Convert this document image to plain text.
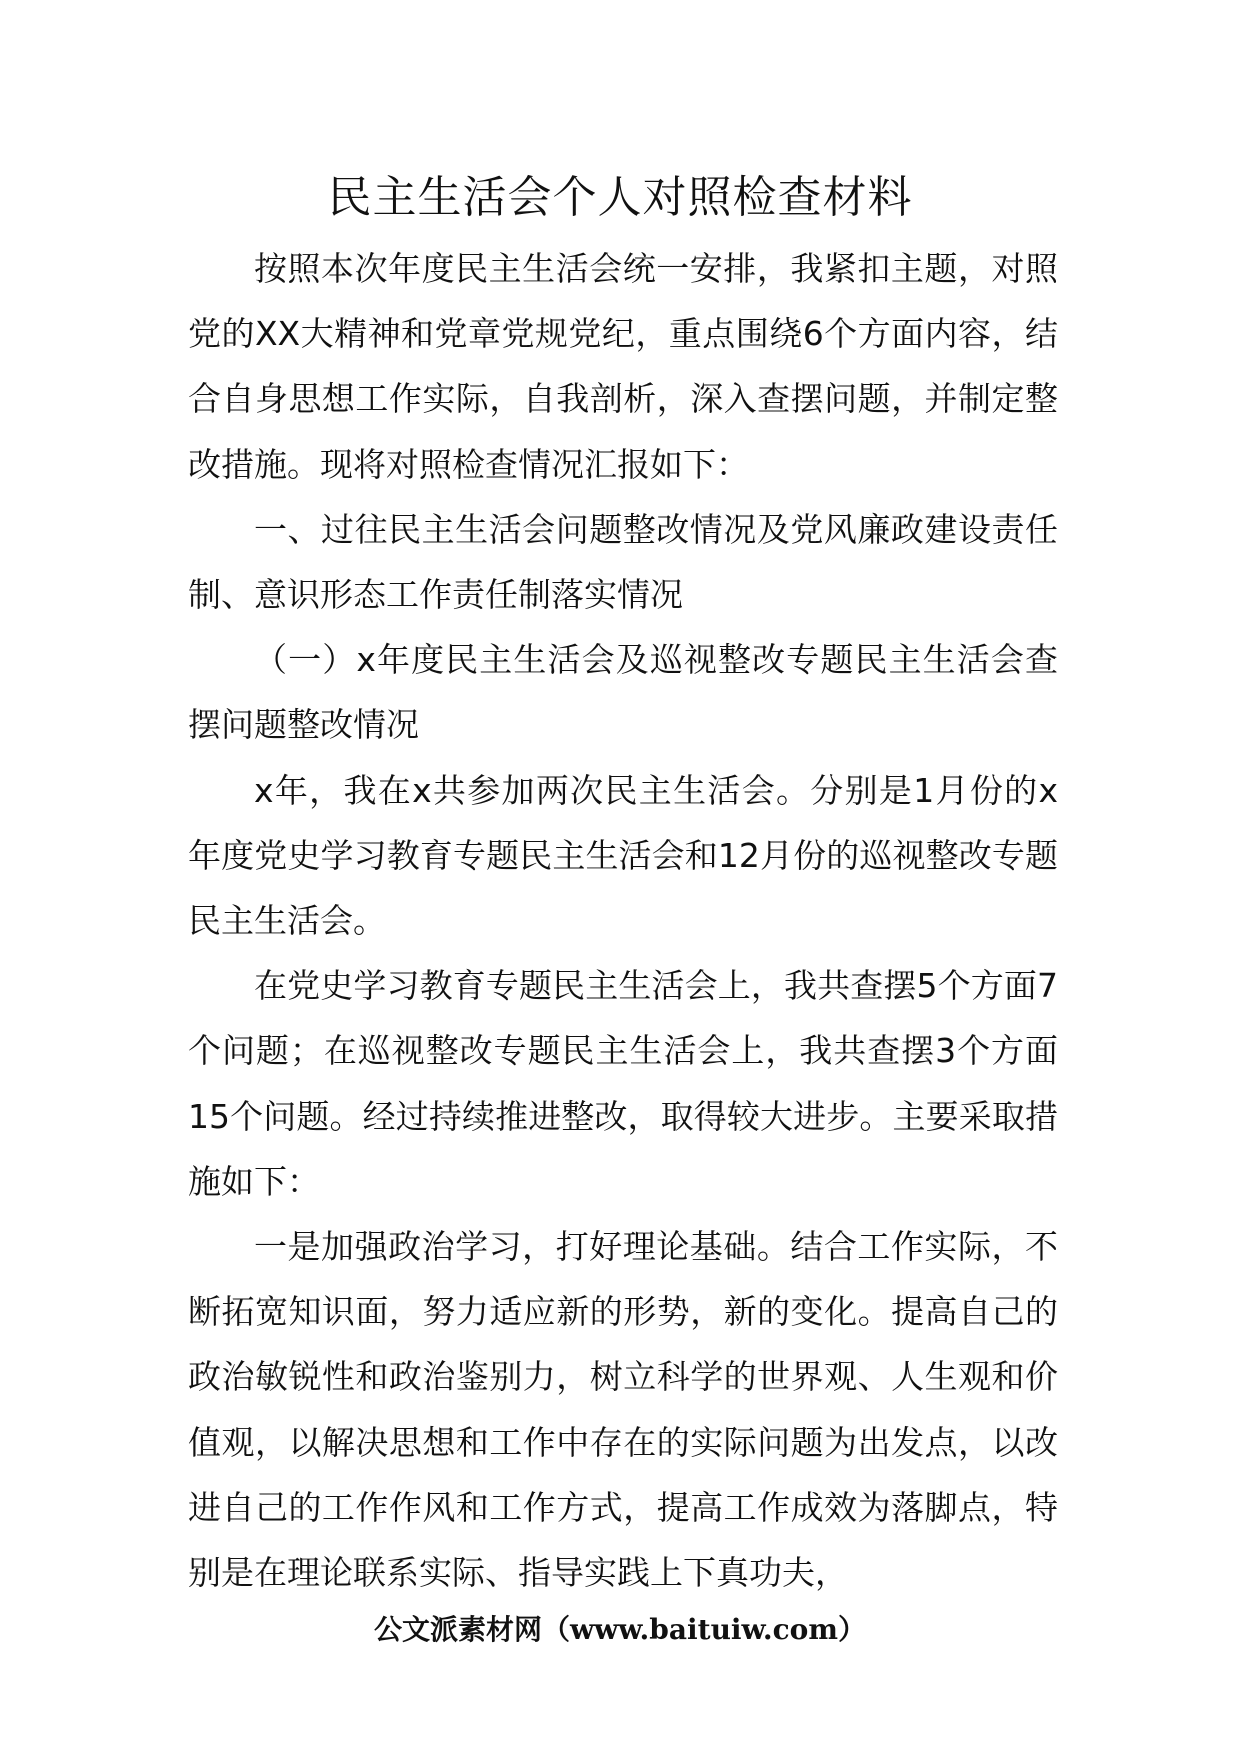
民主生活会个人对照检查材料

按照本次年度民主生活会统一安排，我紧扣主题，对照党的XX大精神和党章党规党纪，重点围绕6个方面内容，结合自身思想工作实际，自我剖析，深入查摆问题，并制定整改措施。现将对照检查情况汇报如下：

一、过往民主生活会问题整改情况及党风廉政建设责任制、意识形态工作责任制落实情况

（一）x年度民主生活会及巡视整改专题民主生活会查摆问题整改情况

x年，我在x共参加两次民主生活会。分别是1月份的x年度党史学习教育专题民主生活会和12月份的巡视整改专题民主生活会。

在党史学习教育专题民主生活会上，我共查摆5个方面7个问题；在巡视整改专题民主生活会上，我共查摆3个方面15个问题。经过持续推进整改，取得较大进步。主要采取措施如下：

一是加强政治学习，打好理论基础。结合工作实际，不断拓宽知识面，努力适应新的形势，新的变化。提高自己的政治敏锐性和政治鉴别力，树立科学的世界观、人生观和价值观，以解决思想和工作中存在的实际问题为出发点，以改进自己的工作作风和工作方式，提高工作成效为落脚点，特别是在理论联系实际、指导实践上下真功夫，

公文派素材网（www.baituiw.com）
